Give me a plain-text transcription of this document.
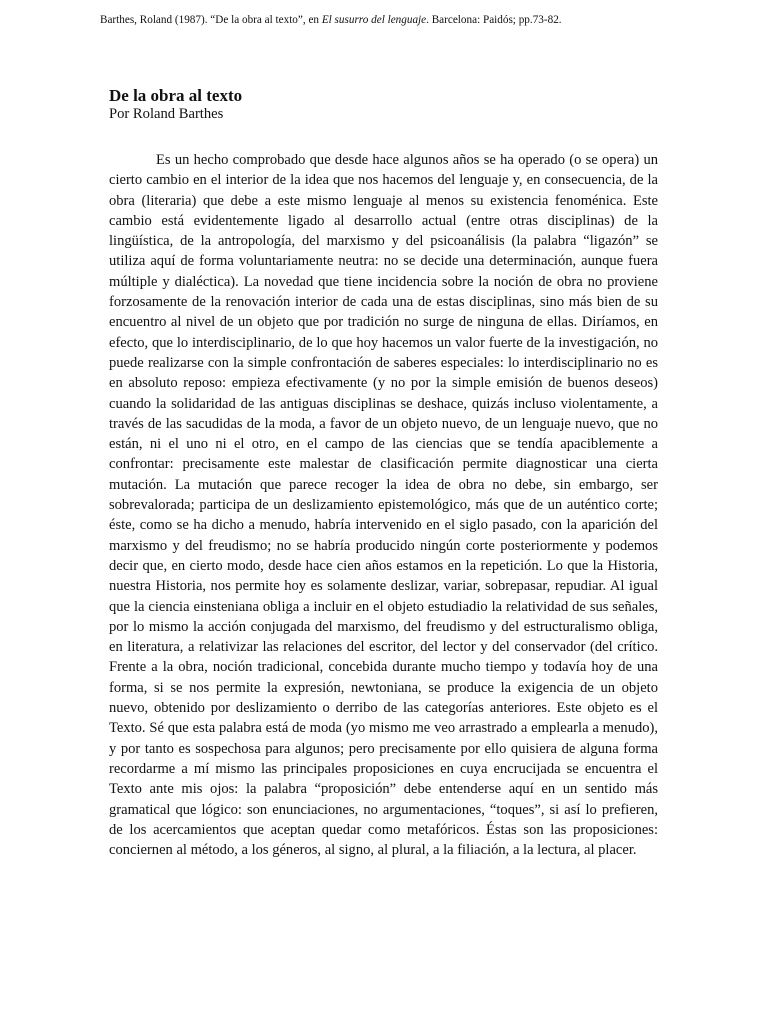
Barthes, Roland (1987). “De la obra al texto”, en El susurro del lenguaje. Barcelona: Paidós; pp.73-82.
De la obra al texto
Por Roland Barthes

Es un hecho comprobado que desde hace algunos años se ha operado (o se opera) un cierto cambio en el interior de la idea que nos hacemos del lenguaje y, en consecuencia, de la obra (literaria) que debe a este mismo lenguaje al menos su existencia fenoménica. Este cambio está evidentemente ligado al desarrollo actual (entre otras disciplinas) de la lingüística, de la antropología, del marxismo y del psicoanálisis (la palabra “ligazón” se utiliza aquí de forma voluntariamente neutra: no se decide una determinación, aunque fuera múltiple y dialéctica). La novedad que tiene incidencia sobre la noción de obra no proviene forzosamente de la renovación interior de cada una de estas disciplinas, sino más bien de su encuentro al nivel de un objeto que por tradición no surge de ninguna de ellas. Diríamos, en efecto, que lo interdisciplinario, de lo que hoy hacemos un valor fuerte de la investigación, no puede realizarse con la simple confrontación de saberes especiales: lo interdisciplinario no es en absoluto reposo: empieza efectivamente (y no por la simple emisión de buenos deseos) cuando la solidaridad de las antiguas disciplinas se deshace, quizás incluso violentamente, a través de las sacudidas de la moda, a favor de un objeto nuevo, de un lenguaje nuevo, que no están, ni el uno ni el otro, en el campo de las ciencias que se tendía apaciblemente a confrontar: precisamente este malestar de clasificación permite diagnosticar una cierta mutación. La mutación que parece recoger la idea de obra no debe, sin embargo, ser sobrevalorada; participa de un deslizamiento epistemológico, más que de un auténtico corte; éste, como se ha dicho a menudo, habría intervenido en el siglo pasado, con la aparición del marxismo y del freudismo; no se habría producido ningún corte posteriormente y podemos decir que, en cierto modo, desde hace cien años estamos en la repetición. Lo que la Historia, nuestra Historia, nos permite hoy es solamente deslizar, variar, sobrepasar, repudiar. Al igual que la ciencia einsteniana obliga a incluir en el objeto estudiadio la relatividad de sus señales, por lo mismo la acción conjugada del marxismo, del freudismo y del estructuralismo obliga, en literatura, a relativizar las relaciones del escritor, del lector y del conservador (del crítico. Frente a la obra, noción tradicional, concebida durante mucho tiempo y todavía hoy de una forma, si se nos permite la expresión, newtoniana, se produce la exigencia de un objeto nuevo, obtenido por deslizamiento o derribo de las categorías anteriores. Este objeto es el Texto. Sé que esta palabra está de moda (yo mismo me veo arrastrado a emplearla a menudo), y por tanto es sospechosa para algunos; pero precisamente por ello quisiera de alguna forma recordarme a mí mismo las principales proposiciones en cuya encrucijada se encuentra el Texto ante mis ojos: la palabra “proposición” debe entenderse aquí en un sentido más gramatical que lógico: son enunciaciones, no argumentaciones, “toques”, si así lo prefieren, de los acercamientos que aceptan quedar como metafóricos. Éstas son las proposiciones: conciernen al método, a los géneros, al signo, al plural, a la filiación, a la lectura, al placer.
